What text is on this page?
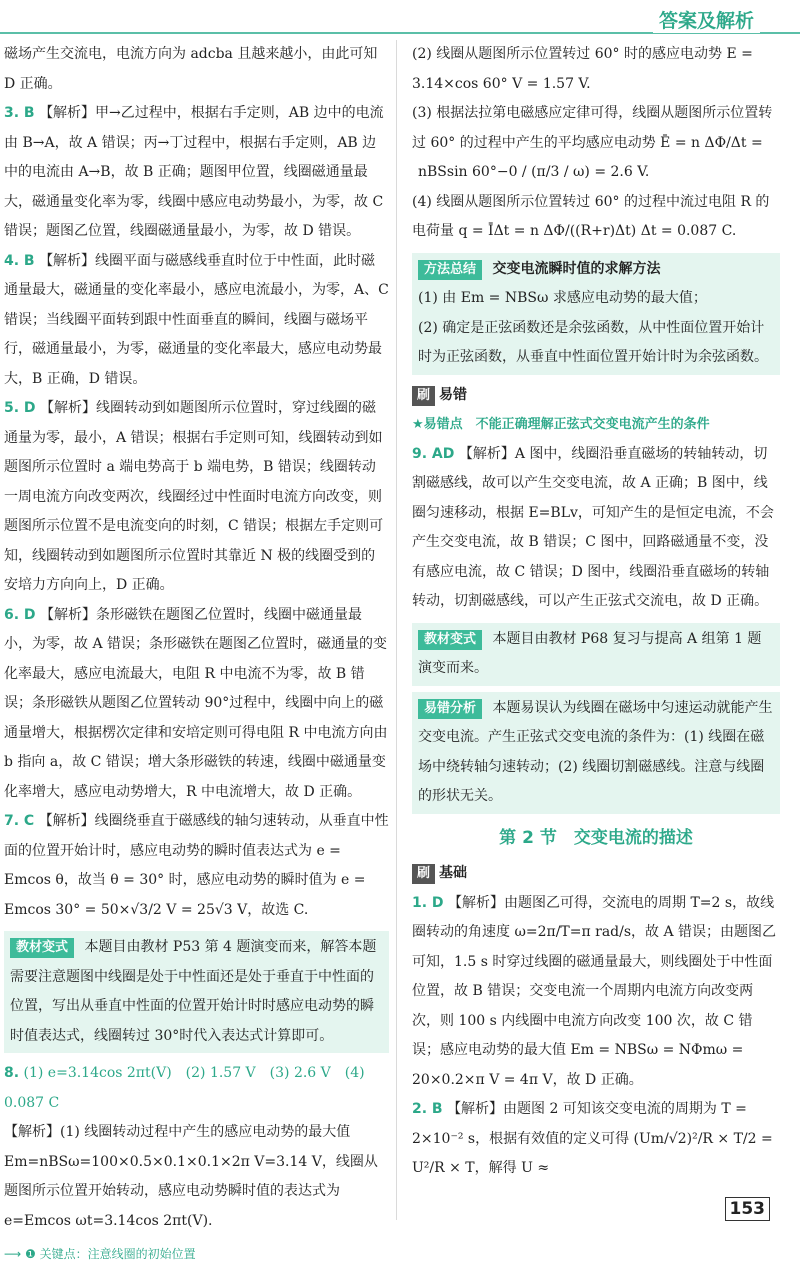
答案及解析

磁场产生交流电，电流方向为 adcba 且越来越小，由此可知 D 正确。

3. B 【解析】甲→乙过程中，根据右手定则，AB 边中的电流由 B→A，故 A 错误；丙→丁过程中，根据右手定则，AB 边中的电流由 A→B，故 B 正确；题图甲位置，线圈磁通量最大，磁通量变化率为零，线圈中感应电动势最小，为零，故 C 错误；题图乙位置，线圈磁通量最小，为零，故 D 错误。

4. B 【解析】线圈平面与磁感线垂直时位于中性面，此时磁通量最大，磁通量的变化率最小，感应电流最小，为零，A、C 错误；当线圈平面转到跟中性面垂直的瞬间，线圈与磁场平行，磁通量最小，为零，磁通量的变化率最大，感应电动势最大，B 正确，D 错误。

5. D 【解析】线圈转动到如题图所示位置时，穿过线圈的磁通量为零，最小，A 错误；根据右手定则可知，线圈转动到如题图所示位置时 a 端电势高于 b 端电势，B 错误；线圈转动一周电流方向改变两次，线圈经过中性面时电流方向改变，则题图所示位置不是电流变向的时刻，C 错误；根据左手定则可知，线圈转动到如题图所示位置时其靠近 N 极的线圈受到的安培力方向向上，D 正确。

6. D 【解析】条形磁铁在题图乙位置时，线圈中磁通量最小，为零，故 A 错误；条形磁铁在题图乙位置时，磁通量的变化率最大，感应电流最大，电阻 R 中电流不为零，故 B 错误；条形磁铁从题图乙位置转动 90°过程中，线圈中向上的磁通量增大，根据楞次定律和安培定则可得电阻 R 中电流方向由 b 指向 a，故 C 错误；增大条形磁铁的转速，线圈中磁通量变化率增大，感应电动势增大，R 中电流增大，故 D 正确。

7. C 【解析】线圈绕垂直于磁感线的轴匀速转动，从垂直中性面的位置开始计时，感应电动势的瞬时值表达式为 e = Emcos θ，故当 θ = 30° 时，感应电动势的瞬时值为 e =

Emcos 30° = 50×√3/2 V = 25√3 V，故选 C.

教材变式 本题目由教材 P53 第 4 题演变而来，解答本题需要注意题图中线圈是处于中性面还是处于垂直于中性面的位置，写出从垂直中性面的位置开始计时时感应电动势的瞬时值表达式，线圈转过 30°时代入表达式计算即可。

8. (1) e=3.14cos 2πt(V)　(2) 1.57 V　(3) 2.6 V　(4) 0.087 C

【解析】(1) 线圈转动过程中产生的感应电动势的最大值 Em=nBSω=100×0.5×0.1×0.1×2π V=3.14 V，线圈从题图所示位置开始转动，感应电动势瞬时值的表达式为 e=Emcos ωt=3.14cos 2πt(V).

⟶ ❶ 关键点：注意线圈的初始位置

(2) 线圈从题图所示位置转过 60° 时的感应电动势 E = 3.14×cos 60° V = 1.57 V.

(3) 根据法拉第电磁感应定律可得，线圈从题图所示位置转过 60° 的过程中产生的平均感应电动势 Ē = n ΔΦ/Δt =

nBSsin 60°−0 / (π/3 / ω) = 2.6 V.

(4) 线圈从题图所示位置转过 60° 的过程中流过电阻 R 的电荷量 q = ĪΔt = n ΔΦ/((R+r)Δt) Δt = 0.087 C.

方法总结 交变电流瞬时值的求解方法

(1) 由 Em = NBSω 求感应电动势的最大值；

(2) 确定是正弦函数还是余弦函数，从中性面位置开始计时为正弦函数，从垂直中性面位置开始计时为余弦函数。

刷 易错

★易错点　不能正确理解正弦式交变电流产生的条件

9. AD 【解析】A 图中，线圈沿垂直磁场的转轴转动，切割磁感线，故可以产生交变电流，故 A 正确；B 图中，线圈匀速移动，根据 E=BLv，可知产生的是恒定电流，不会产生交变电流，故 B 错误；C 图中，回路磁通量不变，没有感应电流，故 C 错误；D 图中，线圈沿垂直磁场的转轴转动，切割磁感线，可以产生正弦式交流电，故 D 正确。

教材变式 本题目由教材 P68 复习与提高 A 组第 1 题演变而来。
易错分析 本题易误认为线圈在磁场中匀速运动就能产生交变电流。产生正弦式交变电流的条件为：(1) 线圈在磁场中绕转轴匀速转动；(2) 线圈切割磁感线。注意与线圈的形状无关。
第 2 节　交变电流的描述
刷 基础

1. D 【解析】由题图乙可得，交流电的周期 T=2 s，故线圈转动的角速度 ω=2π/T=π rad/s，故 A 错误；由题图乙可知，1.5 s 时穿过线圈的磁通量最大，则线圈处于中性面位置，故 B 错误；交变电流一个周期内电流方向改变两次，则 100 s 内线圈中电流方向改变 100 次，故 C 错误；感应电动势的最大值 Em = NBSω = NΦmω = 20×0.2×π V = 4π V，故 D 正确。

2. B 【解析】由题图 2 可知该交变电流的周期为 T = 2×10⁻² s，根据有效值的定义可得 (Um/√2)²/R × T/2 = U²/R × T，解得 U ≈

153
